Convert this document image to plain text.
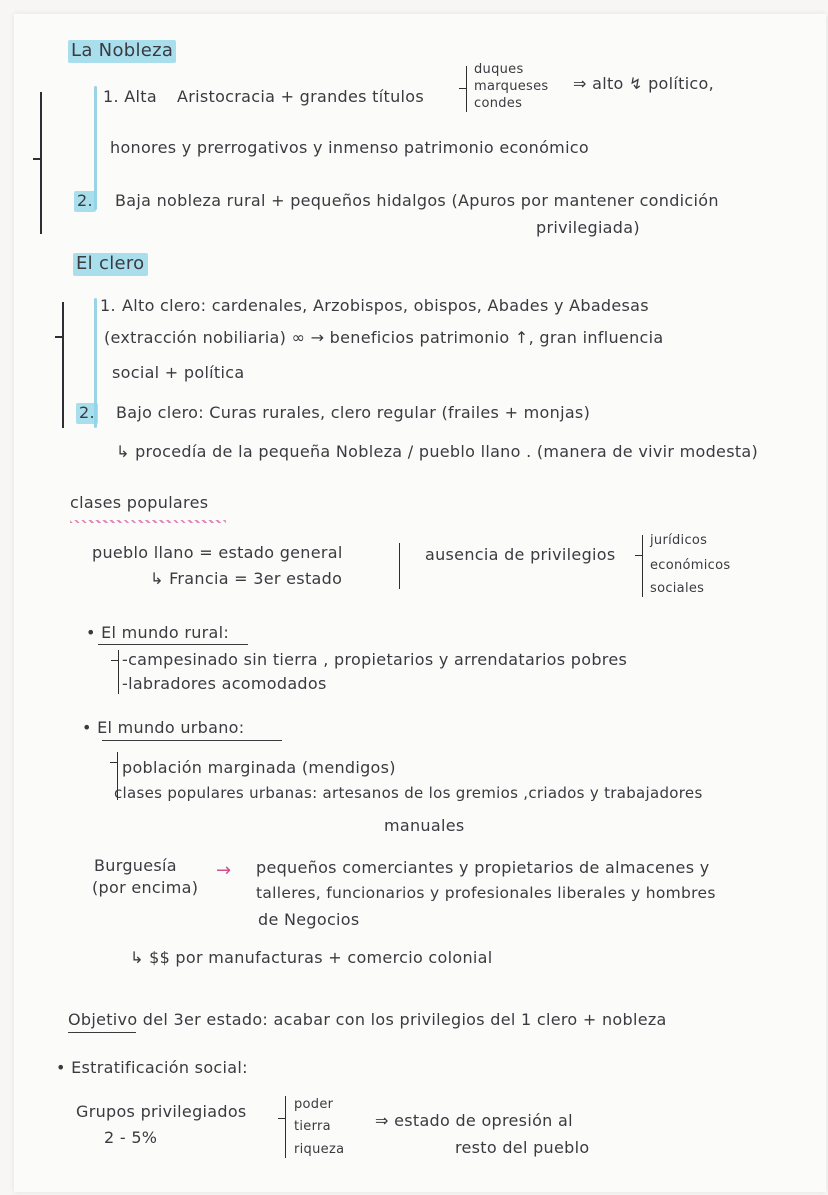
La Nobleza
1. Alta Aristocracia + grandes títulos
duques
marqueses
condes
⇒ alto ↯ político,
honores y prerrogativos y inmenso patrimonio económico
2. Baja nobleza rural + pequeños hidalgos (Apuros por mantener condición
privilegiada)
El clero
1. Alto clero: cardenales, Arzobispos, obispos, Abades y Abadesas
(extracción nobiliaria) ∞ → beneficios patrimonio ↑, gran influencia
social + política
2. Bajo clero: Curas rurales, clero regular (frailes + monjas)
↳ procedía de la pequeña Nobleza / pueblo llano . (manera de vivir modesta)
clases populares
pueblo llano = estado general
↳ Francia = 3er estado
ausencia de privilegios
jurídicos
económicos
sociales
• El mundo rural:
-campesinado sin tierra , propietarios y arrendatarios pobres
-labradores acomodados
• El mundo urbano:
población marginada (mendigos)
clases populares urbanas: artesanos de los gremios ,criados y trabajadores
manuales
Burguesía
(por encima)
→ pequeños comerciantes y propietarios de almacenes y
talleres, funcionarios y profesionales liberales y hombres
de Negocios
↳ $$ por manufacturas + comercio colonial
Objetivo del 3er estado: acabar con los privilegios del 1 clero + nobleza
• Estratificación social:
Grupos privilegiados
2 - 5%
poder
tierra
riqueza
⇒ estado de opresión al
resto del pueblo
